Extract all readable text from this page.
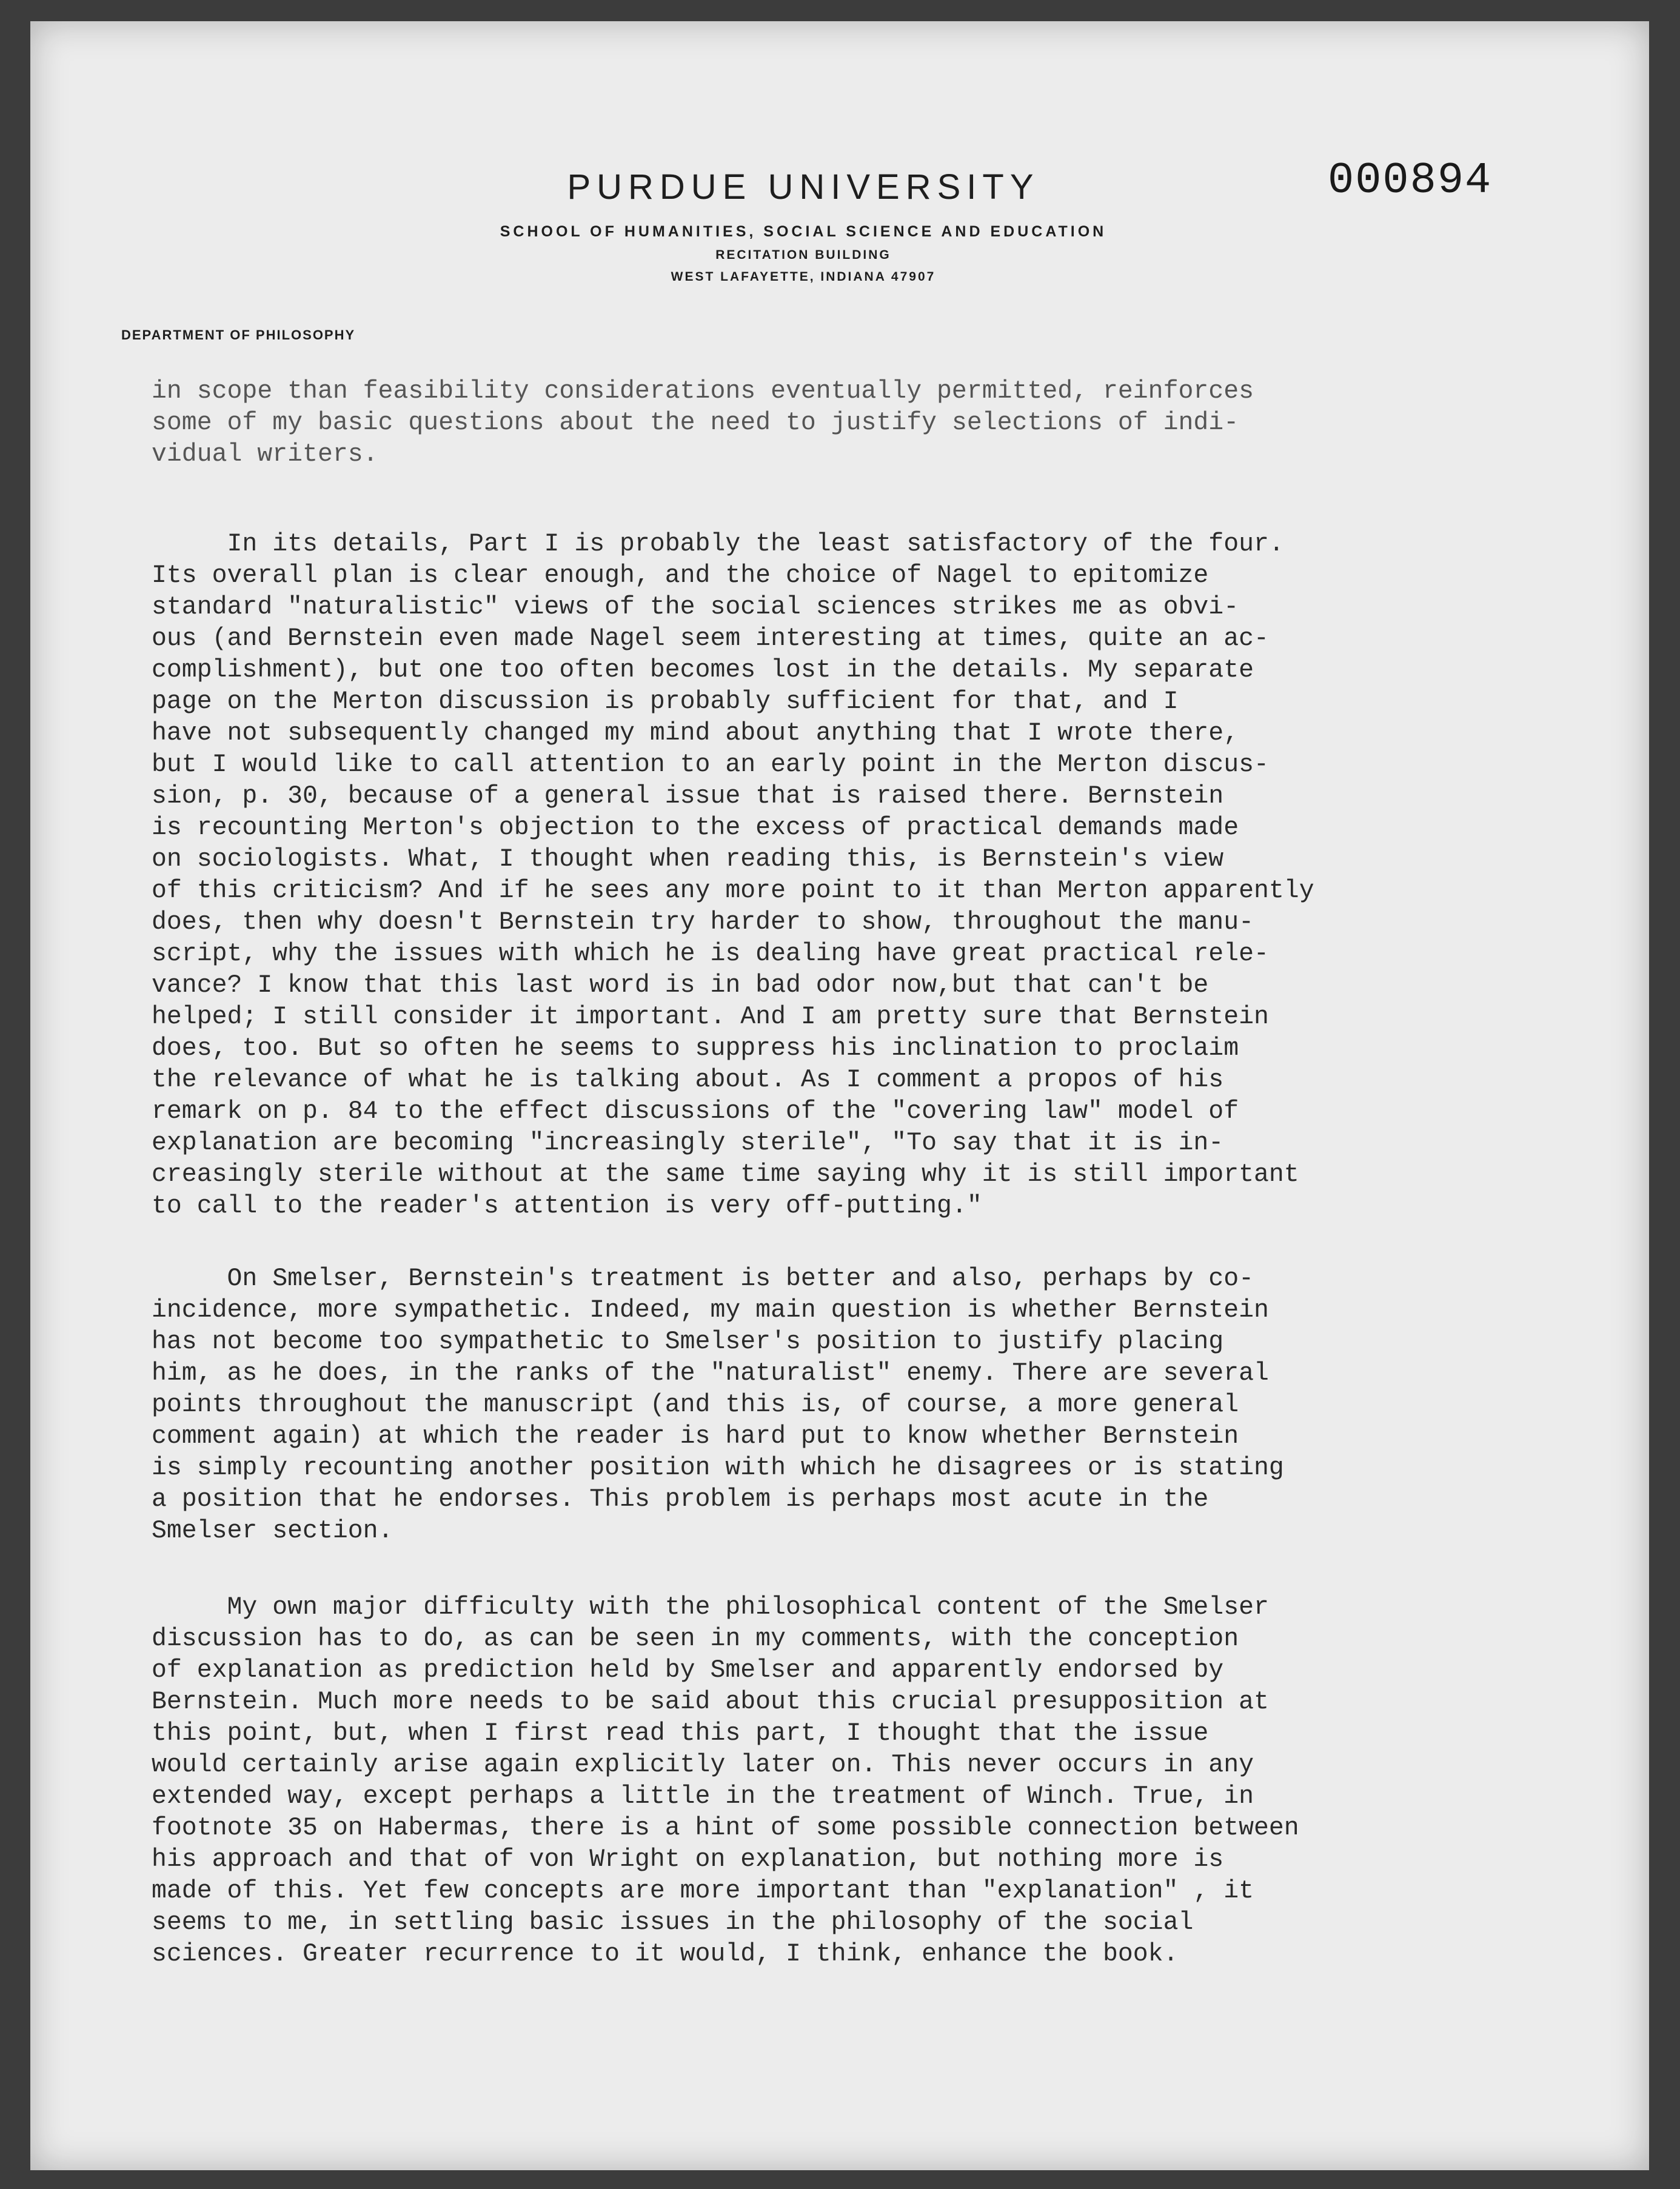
PURDUE UNIVERSITY
SCHOOL OF HUMANITIES, SOCIAL SCIENCE AND EDUCATION
RECITATION BUILDING
WEST LAFAYETTE, INDIANA 47907
000894
DEPARTMENT OF PHILOSOPHY

in scope than feasibility considerations eventually permitted, reinforces
some of my basic questions about the need to justify selections of indi-
vidual writers.

In its details, Part I is probably the least satisfactory of the four.
Its overall plan is clear enough, and the choice of Nagel to epitomize
standard "naturalistic" views of the social sciences strikes me as obvi-
ous (and Bernstein even made Nagel seem interesting at times, quite an ac-
complishment), but one too often becomes lost in the details. My separate
page on the Merton discussion is probably sufficient for that, and I
have not subsequently changed my mind about anything that I wrote there,
but I would like to call attention to an early point in the Merton discus-
sion, p. 30, because of a general issue that is raised there. Bernstein
is recounting Merton's objection to the excess of practical demands made
on sociologists. What, I thought when reading this, is Bernstein's view
of this criticism? And if he sees any more point to it than Merton apparently
does, then why doesn't Bernstein try harder to show, throughout the manu-
script, why the issues with which he is dealing have great practical rele-
vance? I know that this last word is in bad odor now,but that can't be
helped; I still consider it important. And I am pretty sure that Bernstein
does, too. But so often he seems to suppress his inclination to proclaim
the relevance of what he is talking about. As I comment a propos of his
remark on p. 84 to the effect discussions of the "covering law" model of
explanation are becoming "increasingly sterile", "To say that it is in-
creasingly sterile without at the same time saying why it is still important
to call to the reader's attention is very off-putting."

On Smelser, Bernstein's treatment is better and also, perhaps by co-
incidence, more sympathetic. Indeed, my main question is whether Bernstein
has not become too sympathetic to Smelser's position to justify placing
him, as he does, in the ranks of the "naturalist" enemy. There are several
points throughout the manuscript (and this is, of course, a more general
comment again) at which the reader is hard put to know whether Bernstein
is simply recounting another position with which he disagrees or is stating
a position that he endorses. This problem is perhaps most acute in the
Smelser section.

My own major difficulty with the philosophical content of the Smelser
discussion has to do, as can be seen in my comments, with the conception
of explanation as prediction held by Smelser and apparently endorsed by
Bernstein. Much more needs to be said about this crucial presupposition at
this point, but, when I first read this part, I thought that the issue
would certainly arise again explicitly later on. This never occurs in any
extended way, except perhaps a little in the treatment of Winch. True, in
footnote 35 on Habermas, there is a hint of some possible connection between
his approach and that of von Wright on explanation, but nothing more is
made of this. Yet few concepts are more important than "explanation" , it
seems to me, in settling basic issues in the philosophy of the social
sciences. Greater recurrence to it would, I think, enhance the book.
